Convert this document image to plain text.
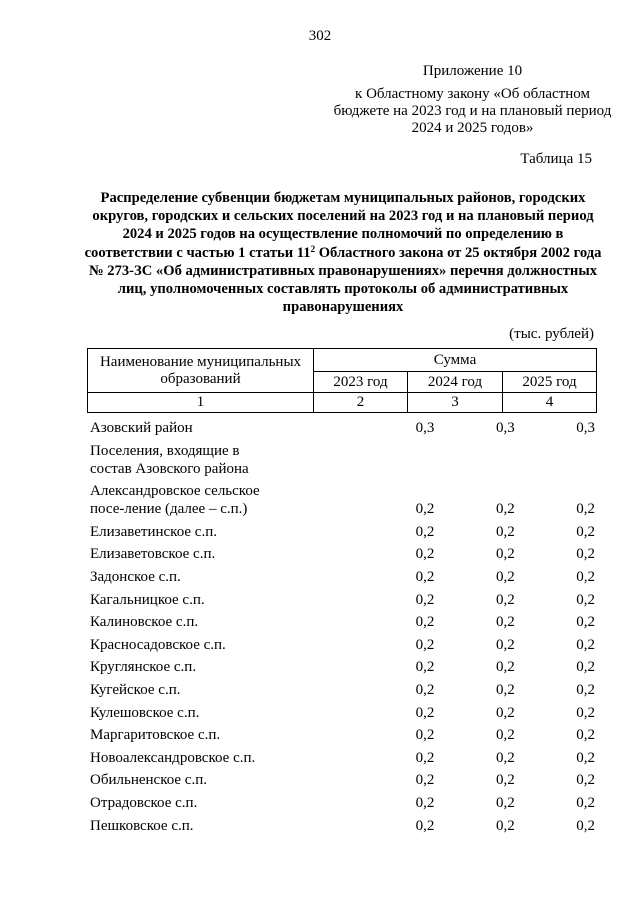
302
Приложение 10
к Областному закону «Об областном бюджете на 2023 год и на плановый период 2024 и 2025 годов»
Таблица 15
Распределение субвенции бюджетам муниципальных районов, городских округов, городских и сельских поселений на 2023 год и на плановый период 2024 и 2025 годов на осуществление полномочий по определению в соответствии с частью 1 статьи $11^2$ Областного закона от 25 октября 2002 года № 273-ЗС «Об административных правонарушениях» перечня должностных лиц, уполномоченных составлять протоколы об административных правонарушениях
(тыс. рублей)
Наименование муниципальных образований
Сумма
2023 год	2024 год	2025 год
1	2	3	4
Азовский район	0,3	0,3	0,3
Поселения, входящие в состав Азовского района
Александровское сельское посе-ление (далее – с.п.)	0,2	0,2	0,2
Елизаветинское с.п.	0,2	0,2	0,2
Елизаветовское с.п.	0,2	0,2	0,2
Задонское с.п.	0,2	0,2	0,2
Кагальницкое с.п.	0,2	0,2	0,2
Калиновское с.п.	0,2	0,2	0,2
Красносадовское с.п.	0,2	0,2	0,2
Круглянское с.п.	0,2	0,2	0,2
Кугейское с.п.	0,2	0,2	0,2
Кулешовское с.п.	0,2	0,2	0,2
Маргаритовское с.п.	0,2	0,2	0,2
Новоалександровское с.п.	0,2	0,2	0,2
Обильненское с.п.	0,2	0,2	0,2
Отрадовское с.п.	0,2	0,2	0,2
Пешковское с.п.	0,2	0,2	0,2
